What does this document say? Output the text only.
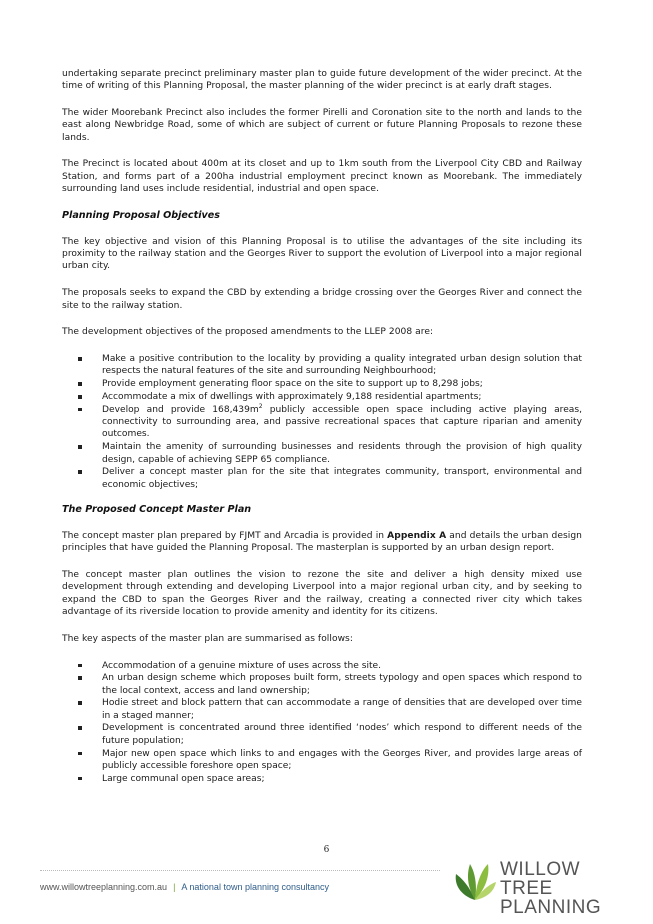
undertaking separate precinct preliminary master plan to guide future development of the wider precinct. At the time of writing of this Planning Proposal, the master planning of the wider precinct is at early draft stages.

The wider Moorebank Precinct also includes the former Pirelli and Coronation site to the north and lands to the east along Newbridge Road, some of which are subject of current or future Planning Proposals to rezone these lands.

The Precinct is located about 400m at its closet and up to 1km south from the Liverpool City CBD and Railway Station, and forms part of a 200ha industrial employment precinct known as Moorebank. The immediately surrounding land uses include residential, industrial and open space.

Planning Proposal Objectives

The key objective and vision of this Planning Proposal is to utilise the advantages of the site including its proximity to the railway station and the Georges River to support the evolution of Liverpool into a major regional urban city.

The proposals seeks to expand the CBD by extending a bridge crossing over the Georges River and connect the site to the railway station.

The development objectives of the proposed amendments to the LLEP 2008 are:

Make a positive contribution to the locality by providing a quality integrated urban design solution that respects the natural features of the site and surrounding Neighbourhood;
Provide employment generating floor space on the site to support up to 8,298 jobs;
Accommodate a mix of dwellings with approximately 9,188 residential apartments;
Develop and provide $168,439m^2$ publicly accessible open space including active playing areas, connectivity to surrounding area, and passive recreational spaces that capture riparian and amenity outcomes.
Maintain the amenity of surrounding businesses and residents through the provision of high quality design, capable of achieving SEPP 65 compliance.
Deliver a concept master plan for the site that integrates community, transport, environmental and economic objectives;
The Proposed Concept Master Plan

The concept master plan prepared by FJMT and Arcadia is provided in Appendix A and details the urban design principles that have guided the Planning Proposal. The masterplan is supported by an urban design report.

The concept master plan outlines the vision to rezone the site and deliver a high density mixed use development through extending and developing Liverpool into a major regional urban city, and by seeking to expand the CBD to span the Georges River and the railway, creating a connected river city which takes advantage of its riverside location to provide amenity and identity for its citizens.

The key aspects of the master plan are summarised as follows:

Accommodation of a genuine mixture of uses across the site.
An urban design scheme which proposes built form, streets typology and open spaces which respond to the local context, access and land ownership;
Hodie street and block pattern that can accommodate a range of densities that are developed over time in a staged manner;
Development is concentrated around three identified ‘nodes’ which respond to different needs of the future population;
Major new open space which links to and engages with the Georges River, and provides large areas of publicly accessible foreshore open space;
Large communal open space areas;
6
www.willowtreeplanning.com.au | A national town planning consultancy
WILLOW TREE
PLANNING
